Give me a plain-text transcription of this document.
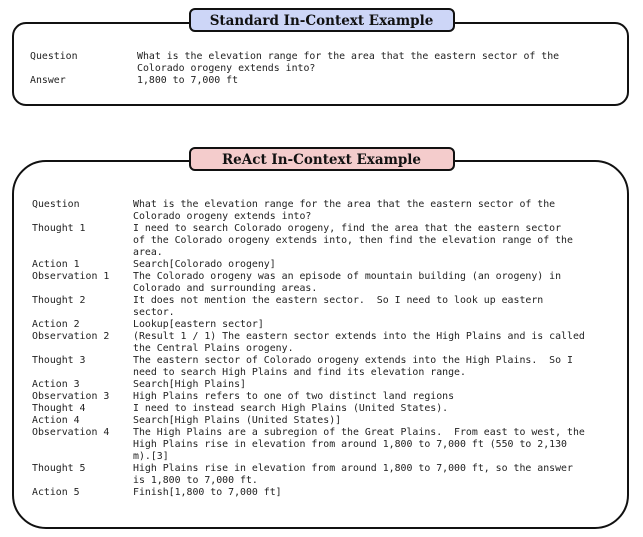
Standard In-Context Example
Question	What is the elevation range for the area that the eastern sector of the
Colorado orogeny extends into?
Answer	1,800 to 7,000 ft
ReAct In-Context Example
Question	What is the elevation range for the area that the eastern sector of the
Colorado orogeny extends into?
Thought 1	I need to search Colorado orogeny, find the area that the eastern sector
of the Colorado orogeny extends into, then find the elevation range of the
area.
Action 1	Search[Colorado orogeny]
Observation 1	The Colorado orogeny was an episode of mountain building (an orogeny) in
Colorado and surrounding areas.
Thought 2	It does not mention the eastern sector.  So I need to look up eastern
sector.
Action 2	Lookup[eastern sector]
Observation 2	(Result 1 / 1) The eastern sector extends into the High Plains and is called
the Central Plains orogeny.
Thought 3	The eastern sector of Colorado orogeny extends into the High Plains.  So I
need to search High Plains and find its elevation range.
Action 3	Search[High Plains]
Observation 3	High Plains refers to one of two distinct land regions
Thought 4	I need to instead search High Plains (United States).
Action 4	Search[High Plains (United States)]
Observation 4	The High Plains are a subregion of the Great Plains.  From east to west, the
High Plains rise in elevation from around 1,800 to 7,000 ft (550 to 2,130
m).[3]
Thought 5	High Plains rise in elevation from around 1,800 to 7,000 ft, so the answer
is 1,800 to 7,000 ft.
Action 5	Finish[1,800 to 7,000 ft]
